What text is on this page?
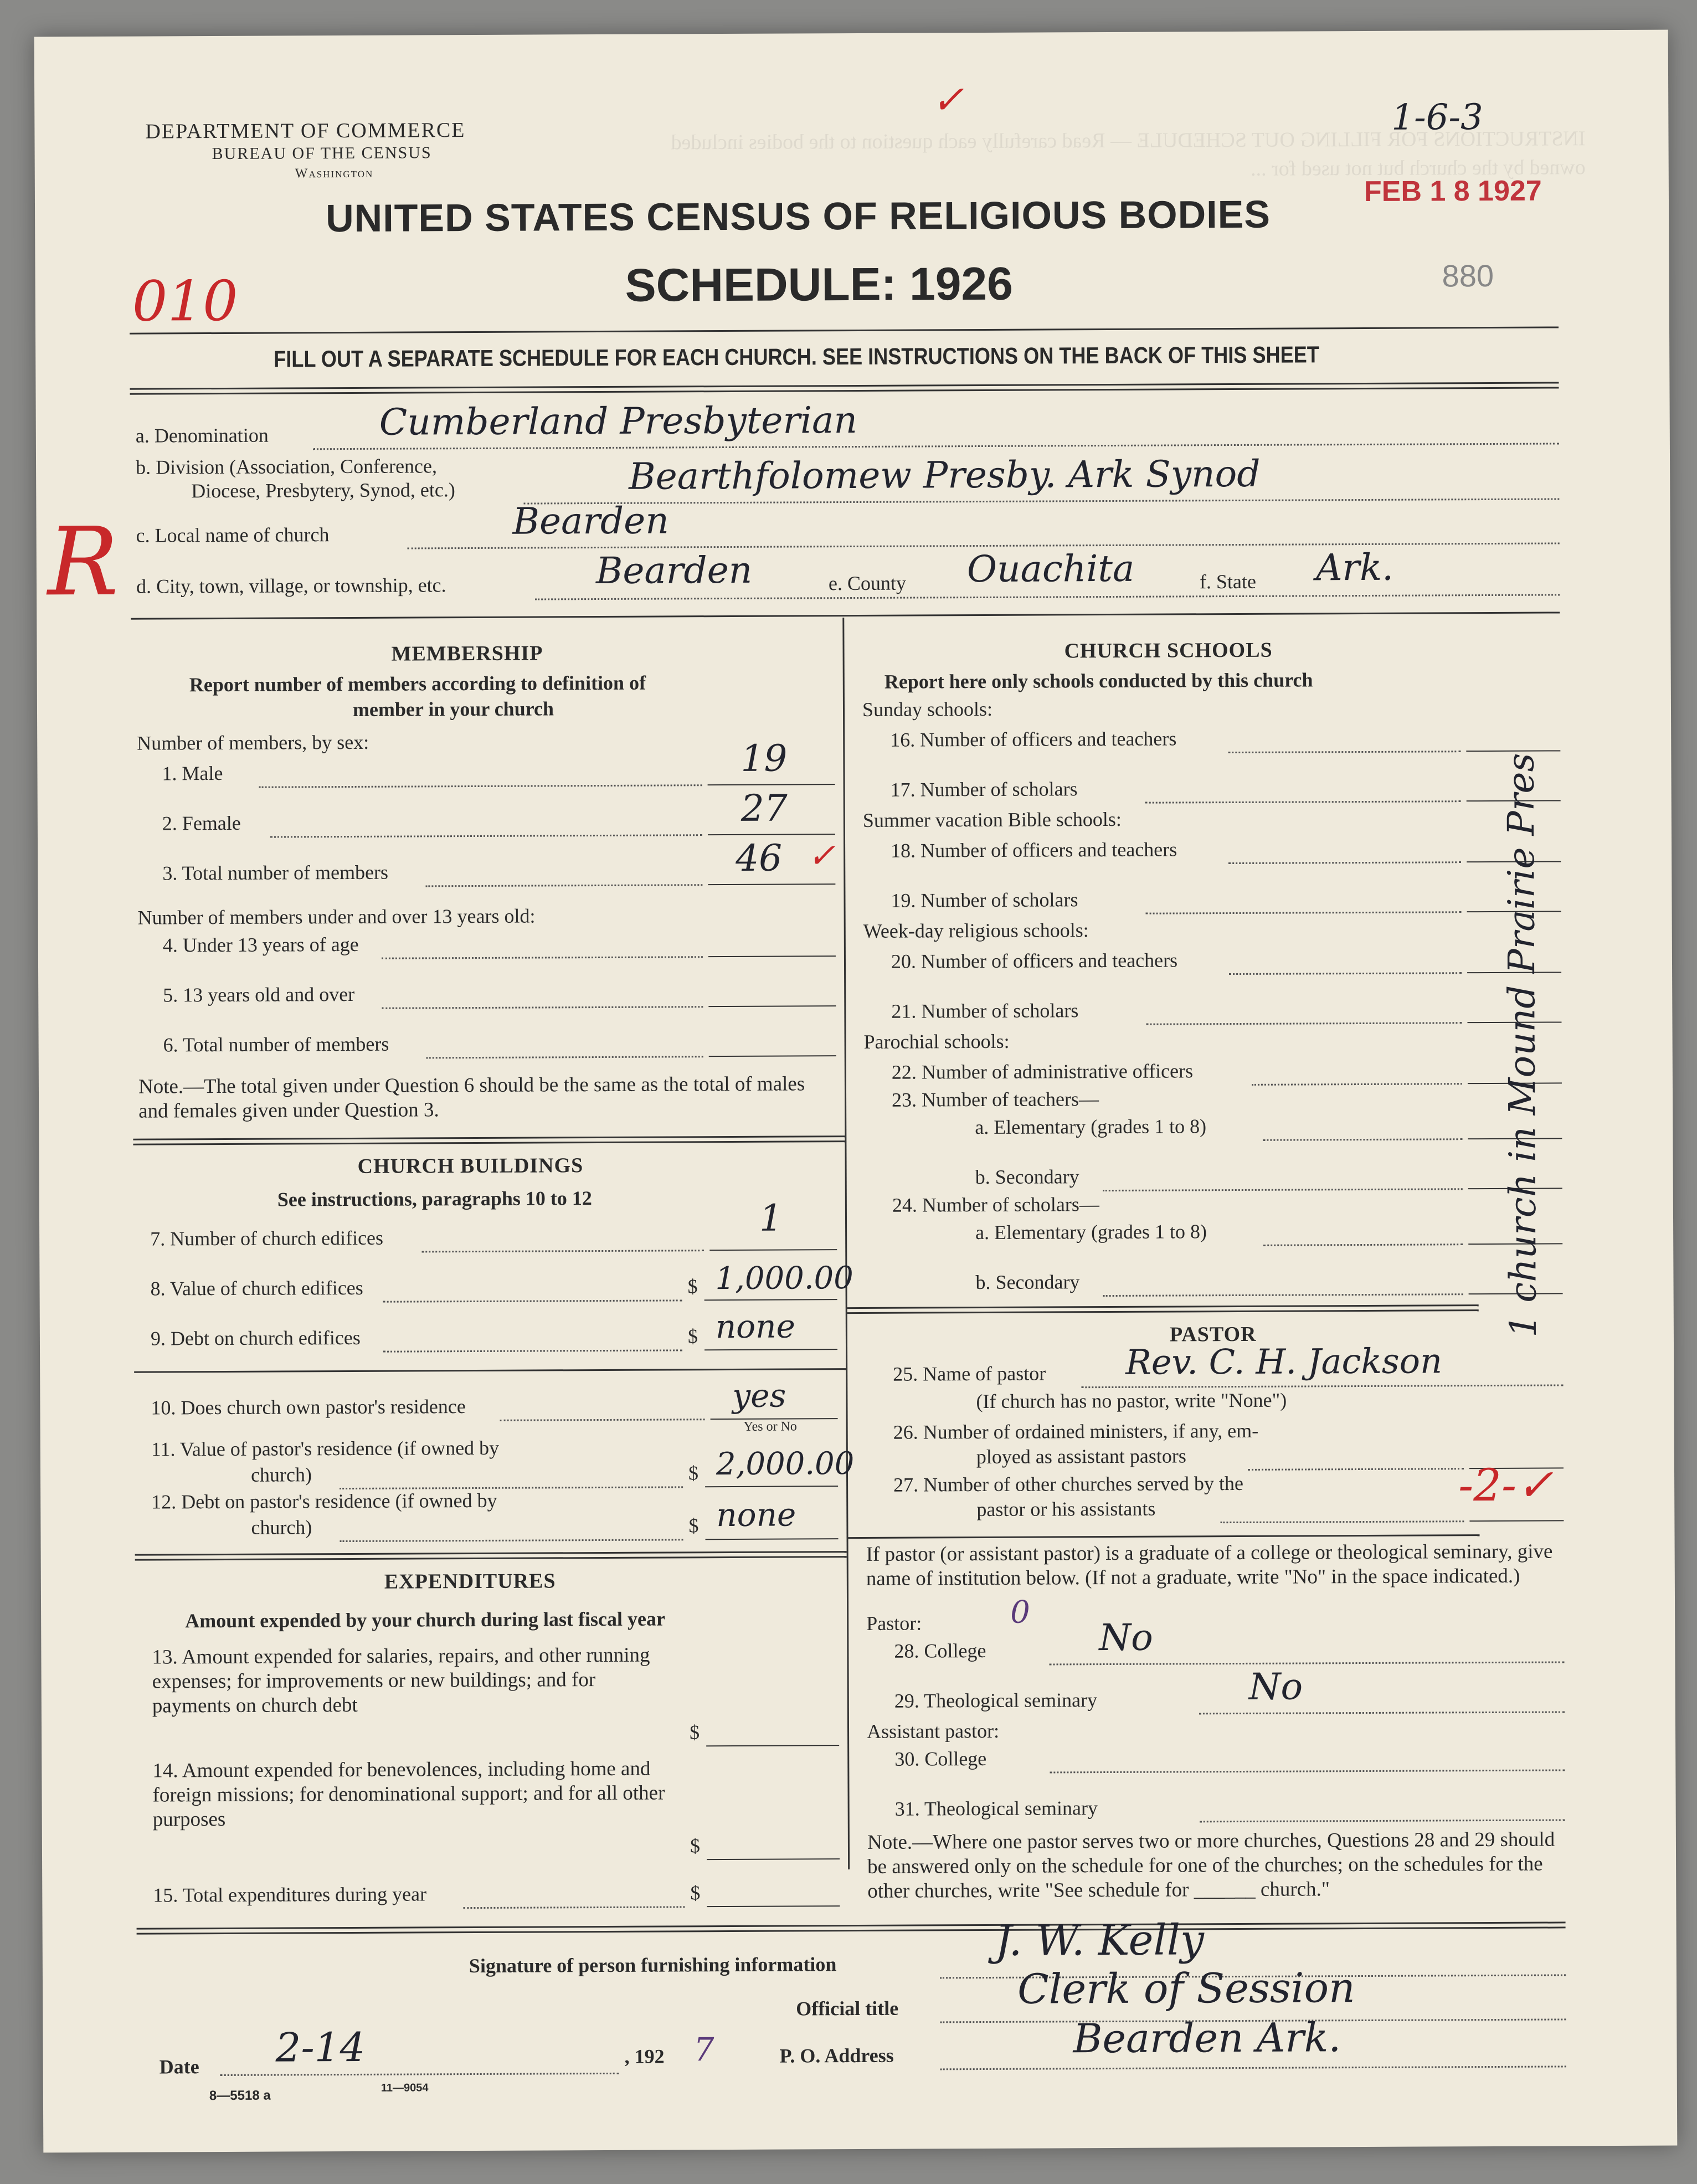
INSTRUCTIONS FOR FILLING OUT SCHEDULE — Read carefully each question to the bodies included owned by the church but not used for ...
DEPARTMENT OF COMMERCE
BUREAU OF THE CENSUS
Washington
✓	1-6-3
FEB 1 8 1927
880
UNITED STATES CENSUS OF RELIGIOUS BODIES
SCHEDULE: 1926
010
FILL OUT A SEPARATE SCHEDULE FOR EACH CHURCH. SEE INSTRUCTIONS ON THE BACK OF THIS SHEET
a. Denomination	Cumberland Presbyterian
b. Division (Association, Conference,
Diocese, Presbytery, Synod, etc.)	Bearthfolomew Presby. Ark Synod
R c. Local name of church	Bearden
d. City, town, village, or township, etc.	Bearden	e. County Ouachita	f. State Ark.
MEMBERSHIP
Report number of members according to definition of
member in your church
Number of members, by sex:
1. Male	19
2. Female	27
3. Total number of members	46 ✓
Number of members under and over 13 years old:
4. Under 13 years of age
5. 13 years old and over
6. Total number of members
Note.—The total given under Question 6 should be the same as the total of males and females given under Question 3.
CHURCH BUILDINGS
See instructions, paragraphs 10 to 12
7. Number of church edifices	1
8. Value of church edifices	$ 1,000.00
9. Debt on church edifices	$ none
10. Does church own pastor's residence	yes
Yes or No
11. Value of pastor's residence (if owned by
church)	$ 2,000.00
12. Debt on pastor's residence (if owned by
church)	$ none
EXPENDITURES
Amount expended by your church during last fiscal year
13. Amount expended for salaries, repairs, and other running expenses; for improvements or new buildings; and for payments on church debt
$
14. Amount expended for benevolences, including home and foreign missions; for denominational support; and for all other purposes
$
15. Total expenditures during year	$
CHURCH SCHOOLS
Report here only schools conducted by this church
Sunday schools:
16. Number of officers and teachers
17. Number of scholars
Summer vacation Bible schools:
18. Number of officers and teachers
19. Number of scholars
Week-day religious schools:
20. Number of officers and teachers
21. Number of scholars
Parochial schools:
22. Number of administrative officers
23. Number of teachers—
a. Elementary (grades 1 to 8)
b. Secondary
24. Number of scholars—
a. Elementary (grades 1 to 8)
b. Secondary
PASTOR
25. Name of pastor Rev. C. H. Jackson
(If church has no pastor, write "None")
26. Number of ordained ministers, if any, em-
ployed as assistant pastors
27. Number of other churches served by the
pastor or his assistants	-2-✓
If pastor (or assistant pastor) is a graduate of a college or theological seminary, give name of institution below. (If not a graduate, write "No" in the space indicated.)
Pastor:	0
28. College	No
29. Theological seminary	No
Assistant pastor:
30. College
31. Theological seminary
Note.—Where one pastor serves two or more churches, Questions 28 and 29 should be answered only on the schedule for one of the churches; on the schedules for the other churches, write "See schedule for ______ church."
1 church in Mound Prairie Pres
Signature of person furnishing information	J. W. Kelly
Official title	Clerk of Session
Date 2-14	, 192 7	P. O. Address	Bearden Ark.
8—5518 a
11—9054
